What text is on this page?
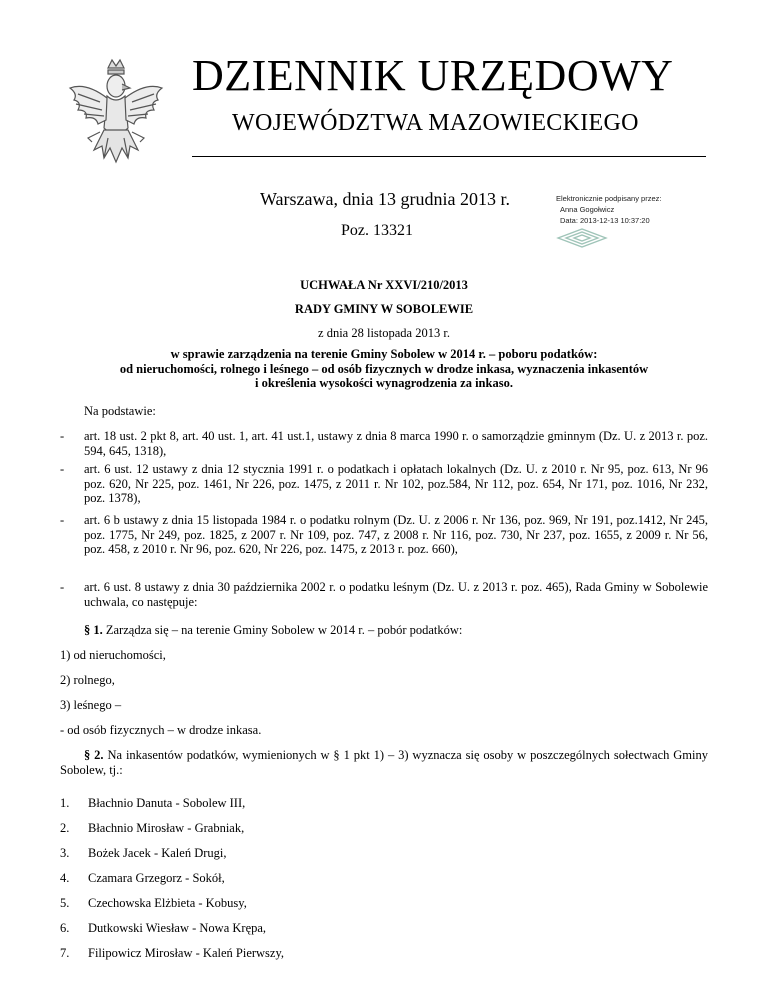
DZIENNIK URZĘDOWY
WOJEWÓDZTWA MAZOWIECKIEGO
Warszawa, dnia 13 grudnia 2013 r.
Poz. 13321
Elektronicznie podpisany przez:
Anna Gogołwicz
Data: 2013-12-13 10:37:20
UCHWAŁA Nr XXVI/210/2013
RADY GMINY W SOBOLEWIE
z dnia 28 listopada 2013 r.
w sprawie zarządzenia na terenie Gminy Sobolew w 2014 r. – poboru podatków:
od nieruchomości, rolnego i leśnego – od osób fizycznych w drodze inkasa, wyznaczenia inkasentów
i określenia wysokości wynagrodzenia za inkaso.
Na podstawie:
- art. 18 ust. 2 pkt 8, art. 40 ust. 1, art. 41 ust.1, ustawy z dnia 8 marca 1990 r. o samorządzie gminnym (Dz. U. z 2013 r. poz. 594, 645, 1318),
- art. 6 ust. 12 ustawy z dnia 12 stycznia 1991 r. o podatkach i opłatach lokalnych (Dz. U. z 2010 r. Nr 95, poz. 613, Nr 96 poz. 620, Nr 225, poz. 1461, Nr 226, poz. 1475, z 2011 r. Nr 102, poz.584, Nr 112, poz. 654, Nr 171, poz. 1016, Nr 232, poz. 1378),
- art. 6 b ustawy z dnia 15 listopada 1984 r. o podatku rolnym (Dz. U. z 2006 r. Nr 136, poz. 969, Nr 191, poz.1412, Nr 245, poz. 1775, Nr 249, poz. 1825, z 2007 r. Nr 109, poz. 747, z 2008 r. Nr 116, poz. 730, Nr 237, poz. 1655, z 2009 r. Nr 56, poz. 458, z 2010 r. Nr 96, poz. 620, Nr 226, poz. 1475, z 2013 r. poz. 660),
- art. 6 ust. 8 ustawy z dnia 30 października 2002 r. o podatku leśnym (Dz. U. z 2013 r. poz. 465), Rada Gminy w Sobolewie uchwala, co następuje:
§ 1. Zarządza się – na terenie Gminy Sobolew w 2014 r. – pobór podatków:
1) od nieruchomości,
2) rolnego,
3) leśnego –
- od osób fizycznych – w drodze inkasa.
§ 2. Na inkasentów podatków, wymienionych w § 1 pkt 1) – 3) wyznacza się osoby w poszczególnych sołectwach Gminy Sobolew, tj.:
1. Błachnio Danuta - Sobolew III,
2. Błachnio Mirosław - Grabniak,
3. Bożek Jacek - Kaleń Drugi,
4. Czamara Grzegorz - Sokół,
5. Czechowska Elżbieta - Kobusy,
6. Dutkowski Wiesław - Nowa Krępa,
7. Filipowicz Mirosław - Kaleń Pierwszy,
